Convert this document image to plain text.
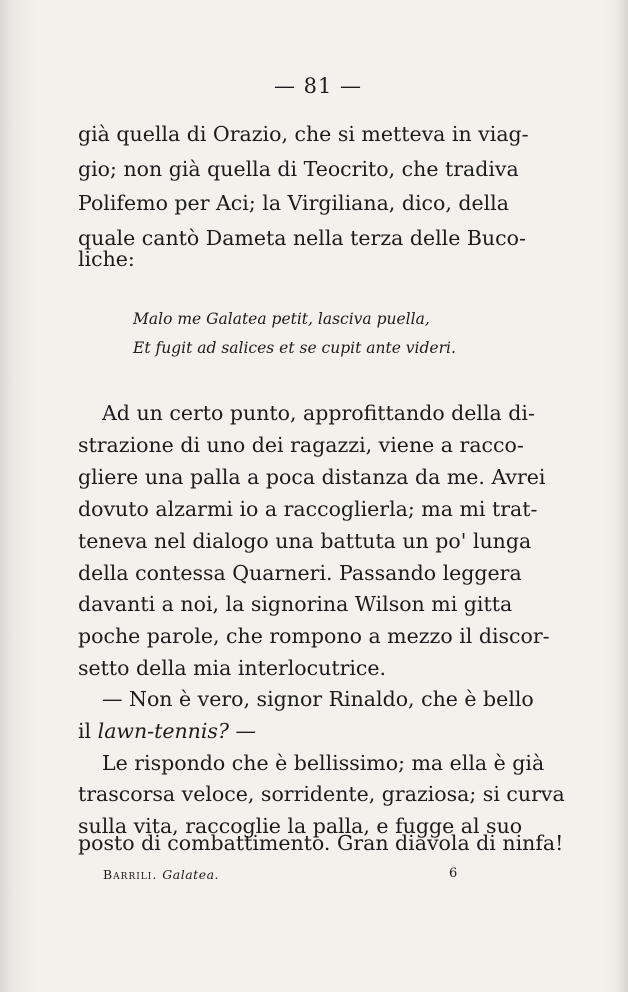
— 81 —
già quella di Orazio, che si metteva in viag-
gio; non già quella di Teocrito, che tradiva
Polifemo per Aci; la Virgiliana, dico, della
quale cantò Dameta nella terza delle Buco-
liche:
Malo me Galatea petit, lasciva puella,
Et fugit ad salices et se cupit ante videri.
Ad un certo punto, approfittando della di-
strazione di uno dei ragazzi, viene a racco-
gliere una palla a poca distanza da me. Avrei
dovuto alzarmi io a raccoglierla; ma mi trat-
teneva nel dialogo una battuta un po' lunga
della contessa Quarneri. Passando leggera
davanti a noi, la signorina Wilson mi gitta
poche parole, che rompono a mezzo il discor-
setto della mia interlocutrice.
— Non è vero, signor Rinaldo, che è bello
il lawn-tennis? —
Le rispondo che è bellissimo; ma ella è già
trascorsa veloce, sorridente, graziosa; si curva
sulla vita, raccoglie la palla, e fugge al suo
posto di combattimento. Gran diavola di ninfa!
Barrili. Galatea.	6
